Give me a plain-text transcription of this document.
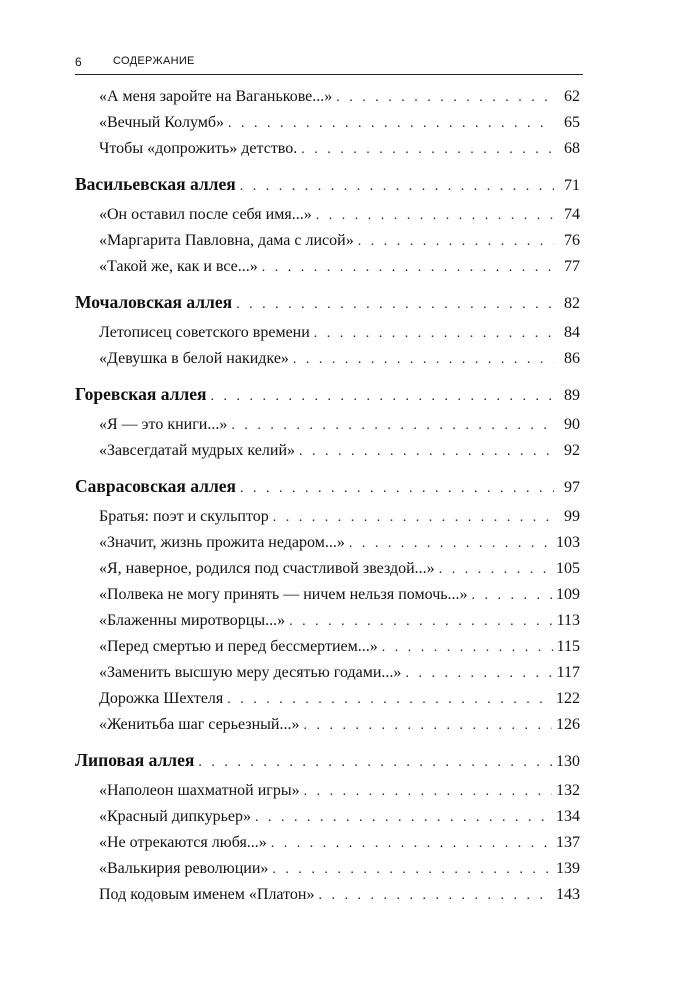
6	СОДЕРЖАНИЕ
«А меня заройте на Ваганькове...» . . .	62
«Вечный Колумб» . . .	65
Чтобы «допрожить» детство. . . .	68
Васильевская аллея . . .	71
«Он оставил после себя имя...» . . .	74
«Маргарита Павловна, дама с лисой» . . .	76
«Такой же, как и все...» . . .	77
Мочаловская аллея . . .	82
Летописец советского времени . . .	84
«Девушка в белой накидке» . . .	86
Горевская аллея . . .	89
«Я — это книги...» . . .	90
«Завсегдатай мудрых келий» . . .	92
Саврасовская аллея . . .	97
Братья: поэт и скульптор . . .	99
«Значит, жизнь прожита недаром...» . . .	103
«Я, наверное, родился под счастливой звездой...» . . .	105
«Полвека не могу принять — ничем нельзя помочь...» . . .	109
«Блаженны миротворцы...» . . .	113
«Перед смертью и перед бессмертием...» . . .	115
«Заменить высшую меру десятью годами...» . . .	117
Дорожка Шехтеля . . .	122
«Женитьба шаг серьезный...» . . .	126
Липовая аллея . . .	130
«Наполеон шахматной игры» . . .	132
«Красный дипкурьер» . . .	134
«Не отрекаются любя...» . . .	137
«Валькирия революции» . . .	139
Под кодовым именем «Платон» . . .	143
